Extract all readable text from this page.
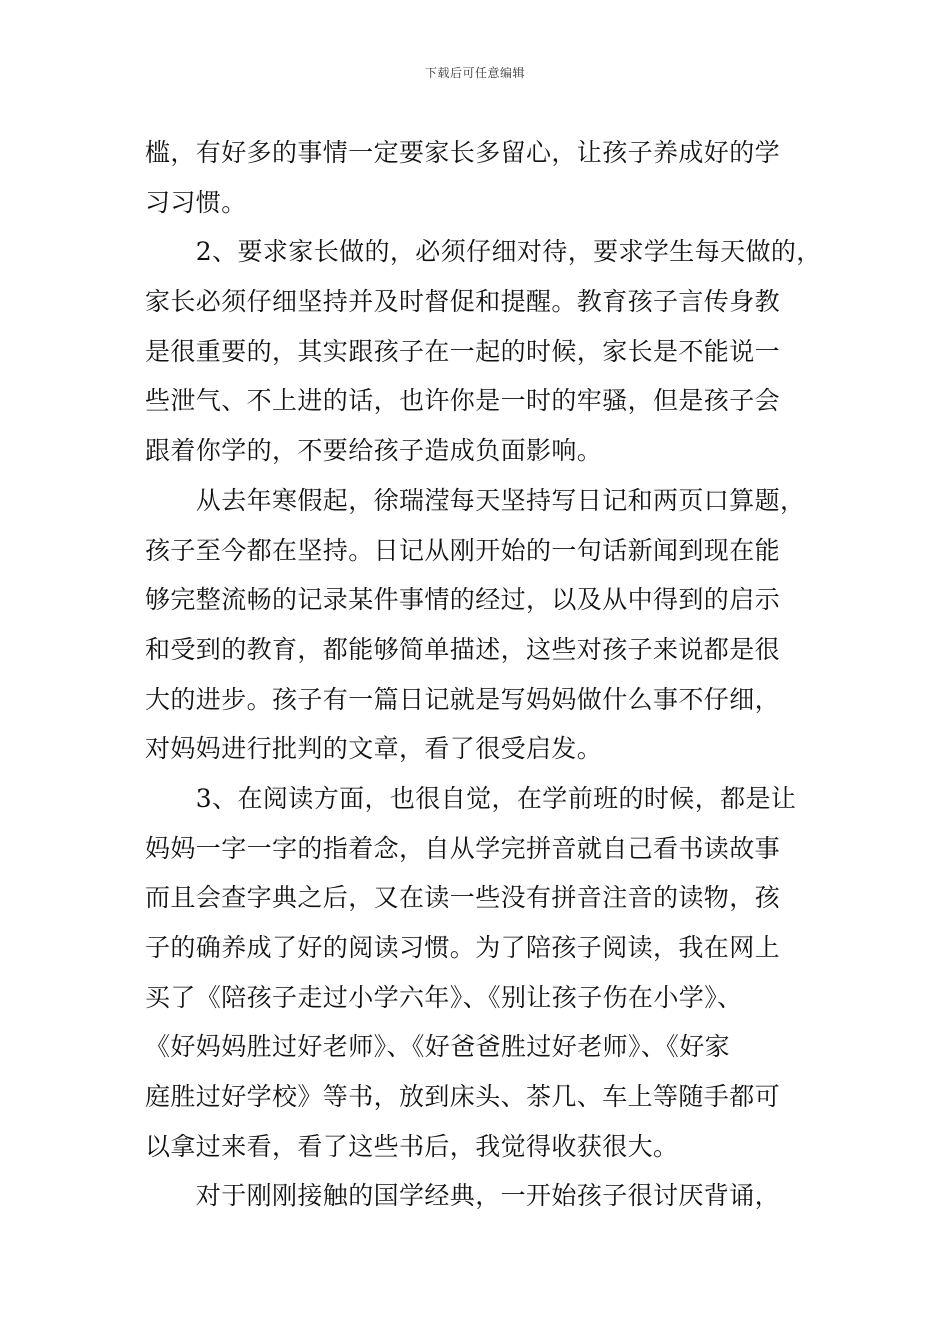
下载后可任意编辑
槛，有好多的事情一定要家长多留心，让孩子养成好的学
习习惯。
　　2、要求家长做的，必须仔细对待，要求学生每天做的，
家长必须仔细坚持并及时督促和提醒。教育孩子言传身教
是很重要的，其实跟孩子在一起的时候，家长是不能说一
些泄气、不上进的话，也许你是一时的牢骚，但是孩子会
跟着你学的，不要给孩子造成负面影响。
　　从去年寒假起，徐瑞滢每天坚持写日记和两页口算题，
孩子至今都在坚持。日记从刚开始的一句话新闻到现在能
够完整流畅的记录某件事情的经过，以及从中得到的启示
和受到的教育，都能够简单描述，这些对孩子来说都是很
大的进步。孩子有一篇日记就是写妈妈做什么事不仔细，
对妈妈进行批判的文章，看了很受启发。
　　3、在阅读方面，也很自觉，在学前班的时候，都是让
妈妈一字一字的指着念，自从学完拼音就自己看书读故事
而且会查字典之后，又在读一些没有拼音注音的读物，孩
子的确养成了好的阅读习惯。为了陪孩子阅读，我在网上
买了《陪孩子走过小学六年》、《别让孩子伤在小学》、
《好妈妈胜过好老师》、《好爸爸胜过好老师》、《好家
庭胜过好学校》等书，放到床头、茶几、车上等随手都可
以拿过来看，看了这些书后，我觉得收获很大。
　　对于刚刚接触的国学经典，一开始孩子很讨厌背诵，
